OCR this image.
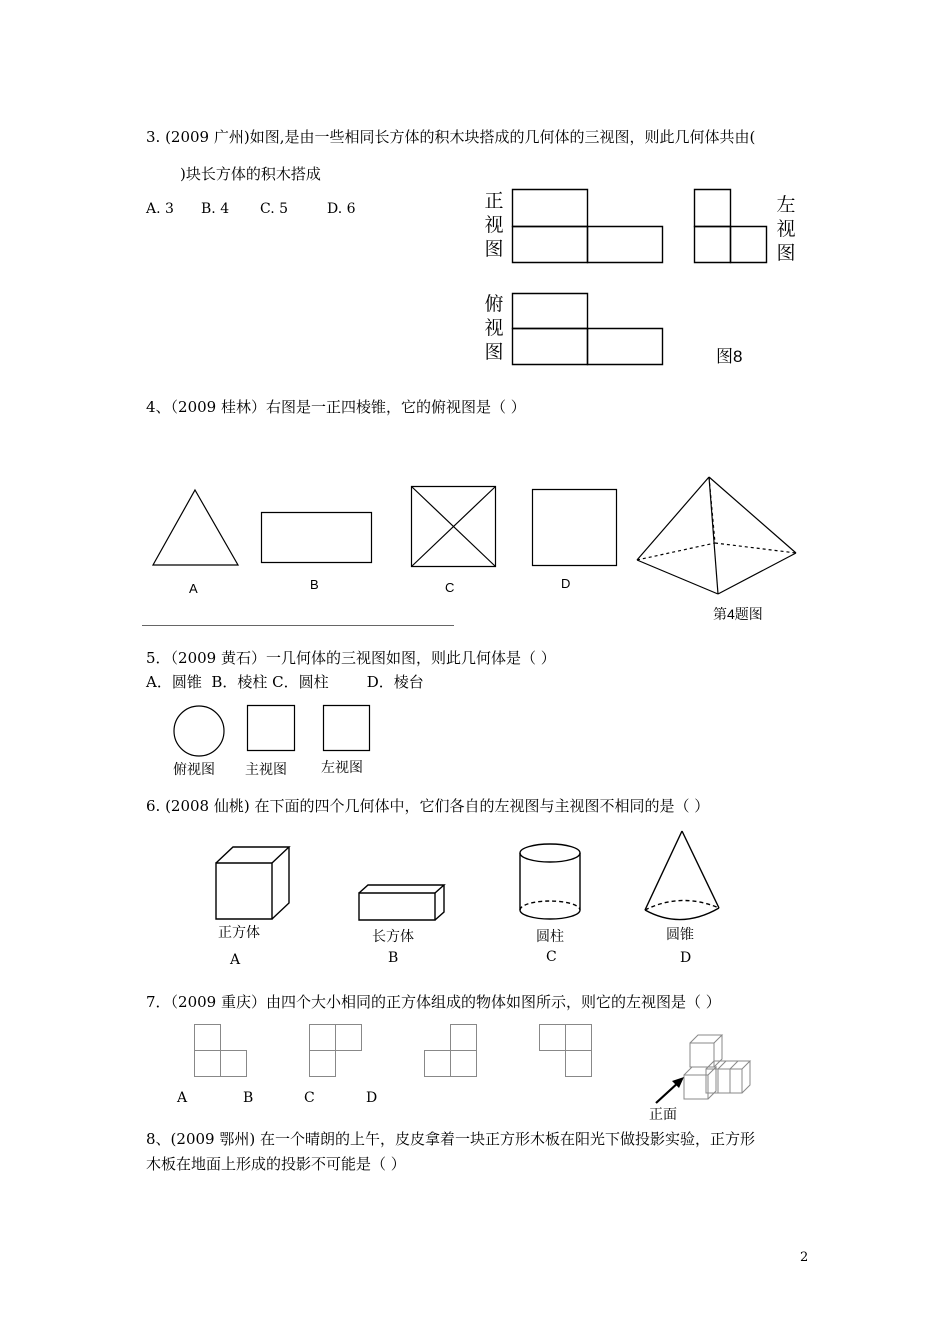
3. (2009 广州)如图,是由一些相同长方体的积木块搭成的几何体的三视图，则此几何体共由(
)块长方体的积木搭成
A. 3 B. 4 C. 5	D. 6	正
视
图
左
视
图
俯
视
图	图8
4、（2009 桂林）右图是一正四棱锥，它的俯视图是（ ）
A	B	C	D
第4题图
5．（2009 黄石）一几何体的三视图如图，则此几何体是（ ）
A．圆锥  B．棱柱 C．圆柱        D．棱台
俯视图 主视图 左视图
6. (2008 仙桃) 在下面的四个几何体中，它们各自的左视图与主视图不相同的是（ ）
正方体	长方体	圆柱	圆锥
A	B	C	D
7．（2009 重庆）由四个大小相同的正方体组成的物体如图所示，则它的左视图是（ ）
A	B	C	D
正面
8、(2009 鄂州) 在一个晴朗的上午，皮皮拿着一块正方形木板在阳光下做投影实验，正方形
木板在地面上形成的投影不可能是（ ）
2
